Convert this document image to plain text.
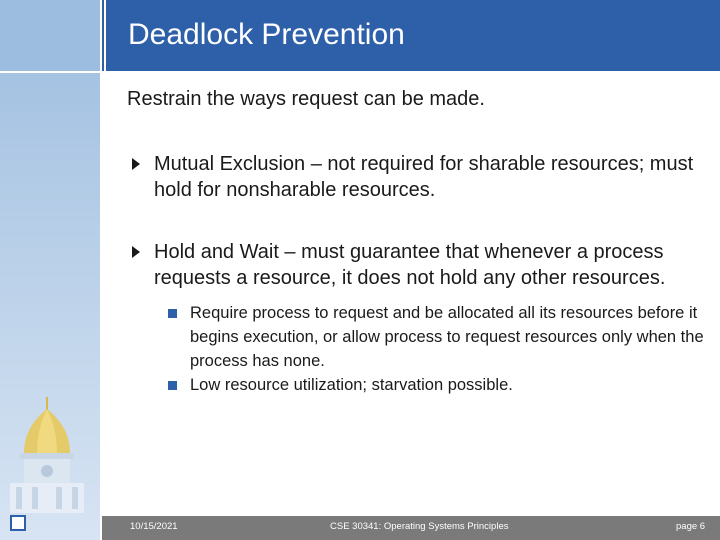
Deadlock Prevention
Restrain the ways request can be made.
Mutual Exclusion – not required for sharable resources; must hold for nonsharable resources.
Hold and Wait – must guarantee that whenever a process requests a resource, it does not hold any other resources.
Require process to request and be allocated all its resources before it begins execution, or allow process to request resources only when the process has none.
Low resource utilization; starvation possible.
10/15/2021	CSE 30341: Operating Systems Principles	page 6
